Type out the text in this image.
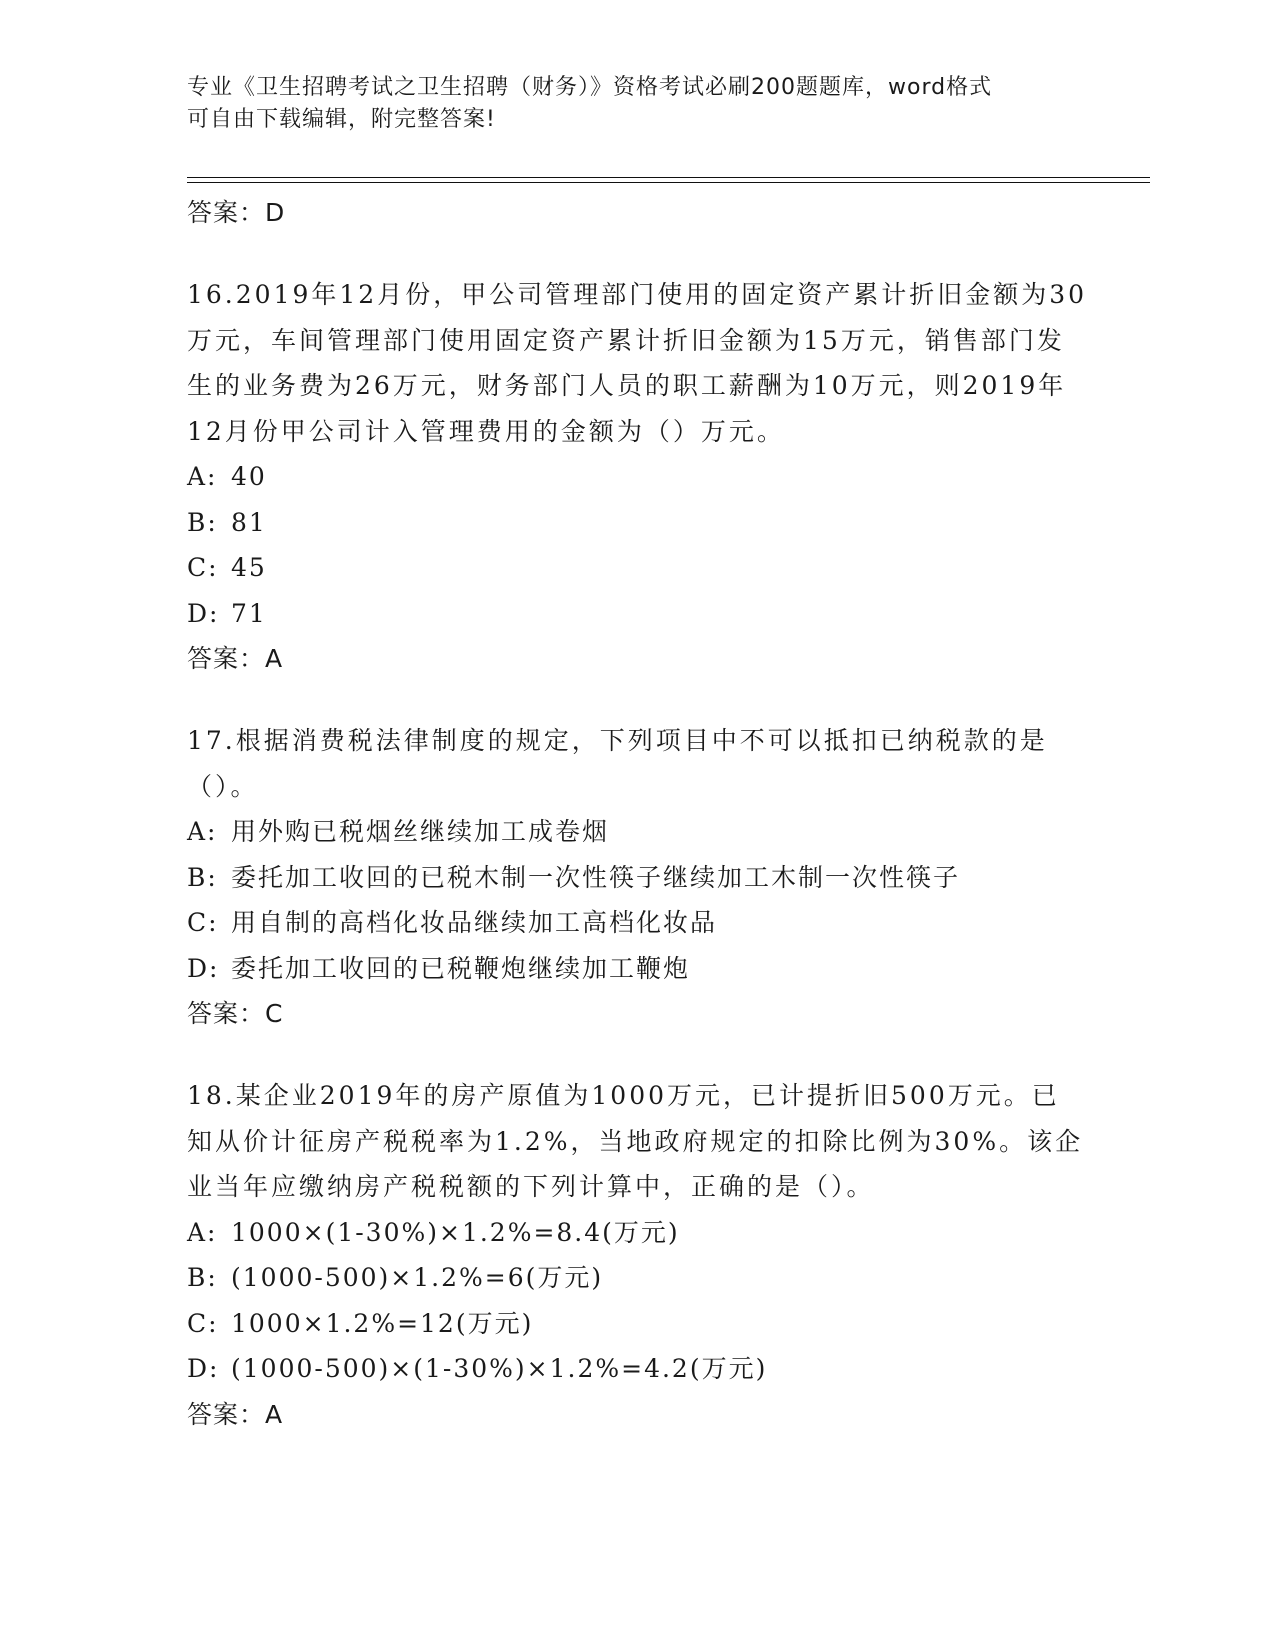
专业《卫生招聘考试之卫生招聘（财务）》资格考试必刷200题题库，word格式
可自由下载编辑，附完整答案!
答案：D
16.2019年12月份，甲公司管理部门使用的固定资产累计折旧金额为30万元，车间管理部门使用固定资产累计折旧金额为15万元，销售部门发生的业务费为26万元，财务部门人员的职工薪酬为10万元，则2019年12月份甲公司计入管理费用的金额为（）万元。
A: 40
B: 81
C: 45
D: 71
答案：A
17.根据消费税法律制度的规定，下列项目中不可以抵扣已纳税款的是（）。
A: 用外购已税烟丝继续加工成卷烟
B: 委托加工收回的已税木制一次性筷子继续加工木制一次性筷子
C: 用自制的高档化妆品继续加工高档化妆品
D: 委托加工收回的已税鞭炮继续加工鞭炮
答案：C
18.某企业2019年的房产原值为1000万元，已计提折旧500万元。已知从价计征房产税税率为1.2%，当地政府规定的扣除比例为30%。该企业当年应缴纳房产税税额的下列计算中，正确的是（）。
A: 1000×(1-30%)×1.2%=8.4(万元)
B: (1000-500)×1.2%=6(万元)
C: 1000×1.2%=12(万元)
D: (1000-500)×(1-30%)×1.2%=4.2(万元)
答案：A
